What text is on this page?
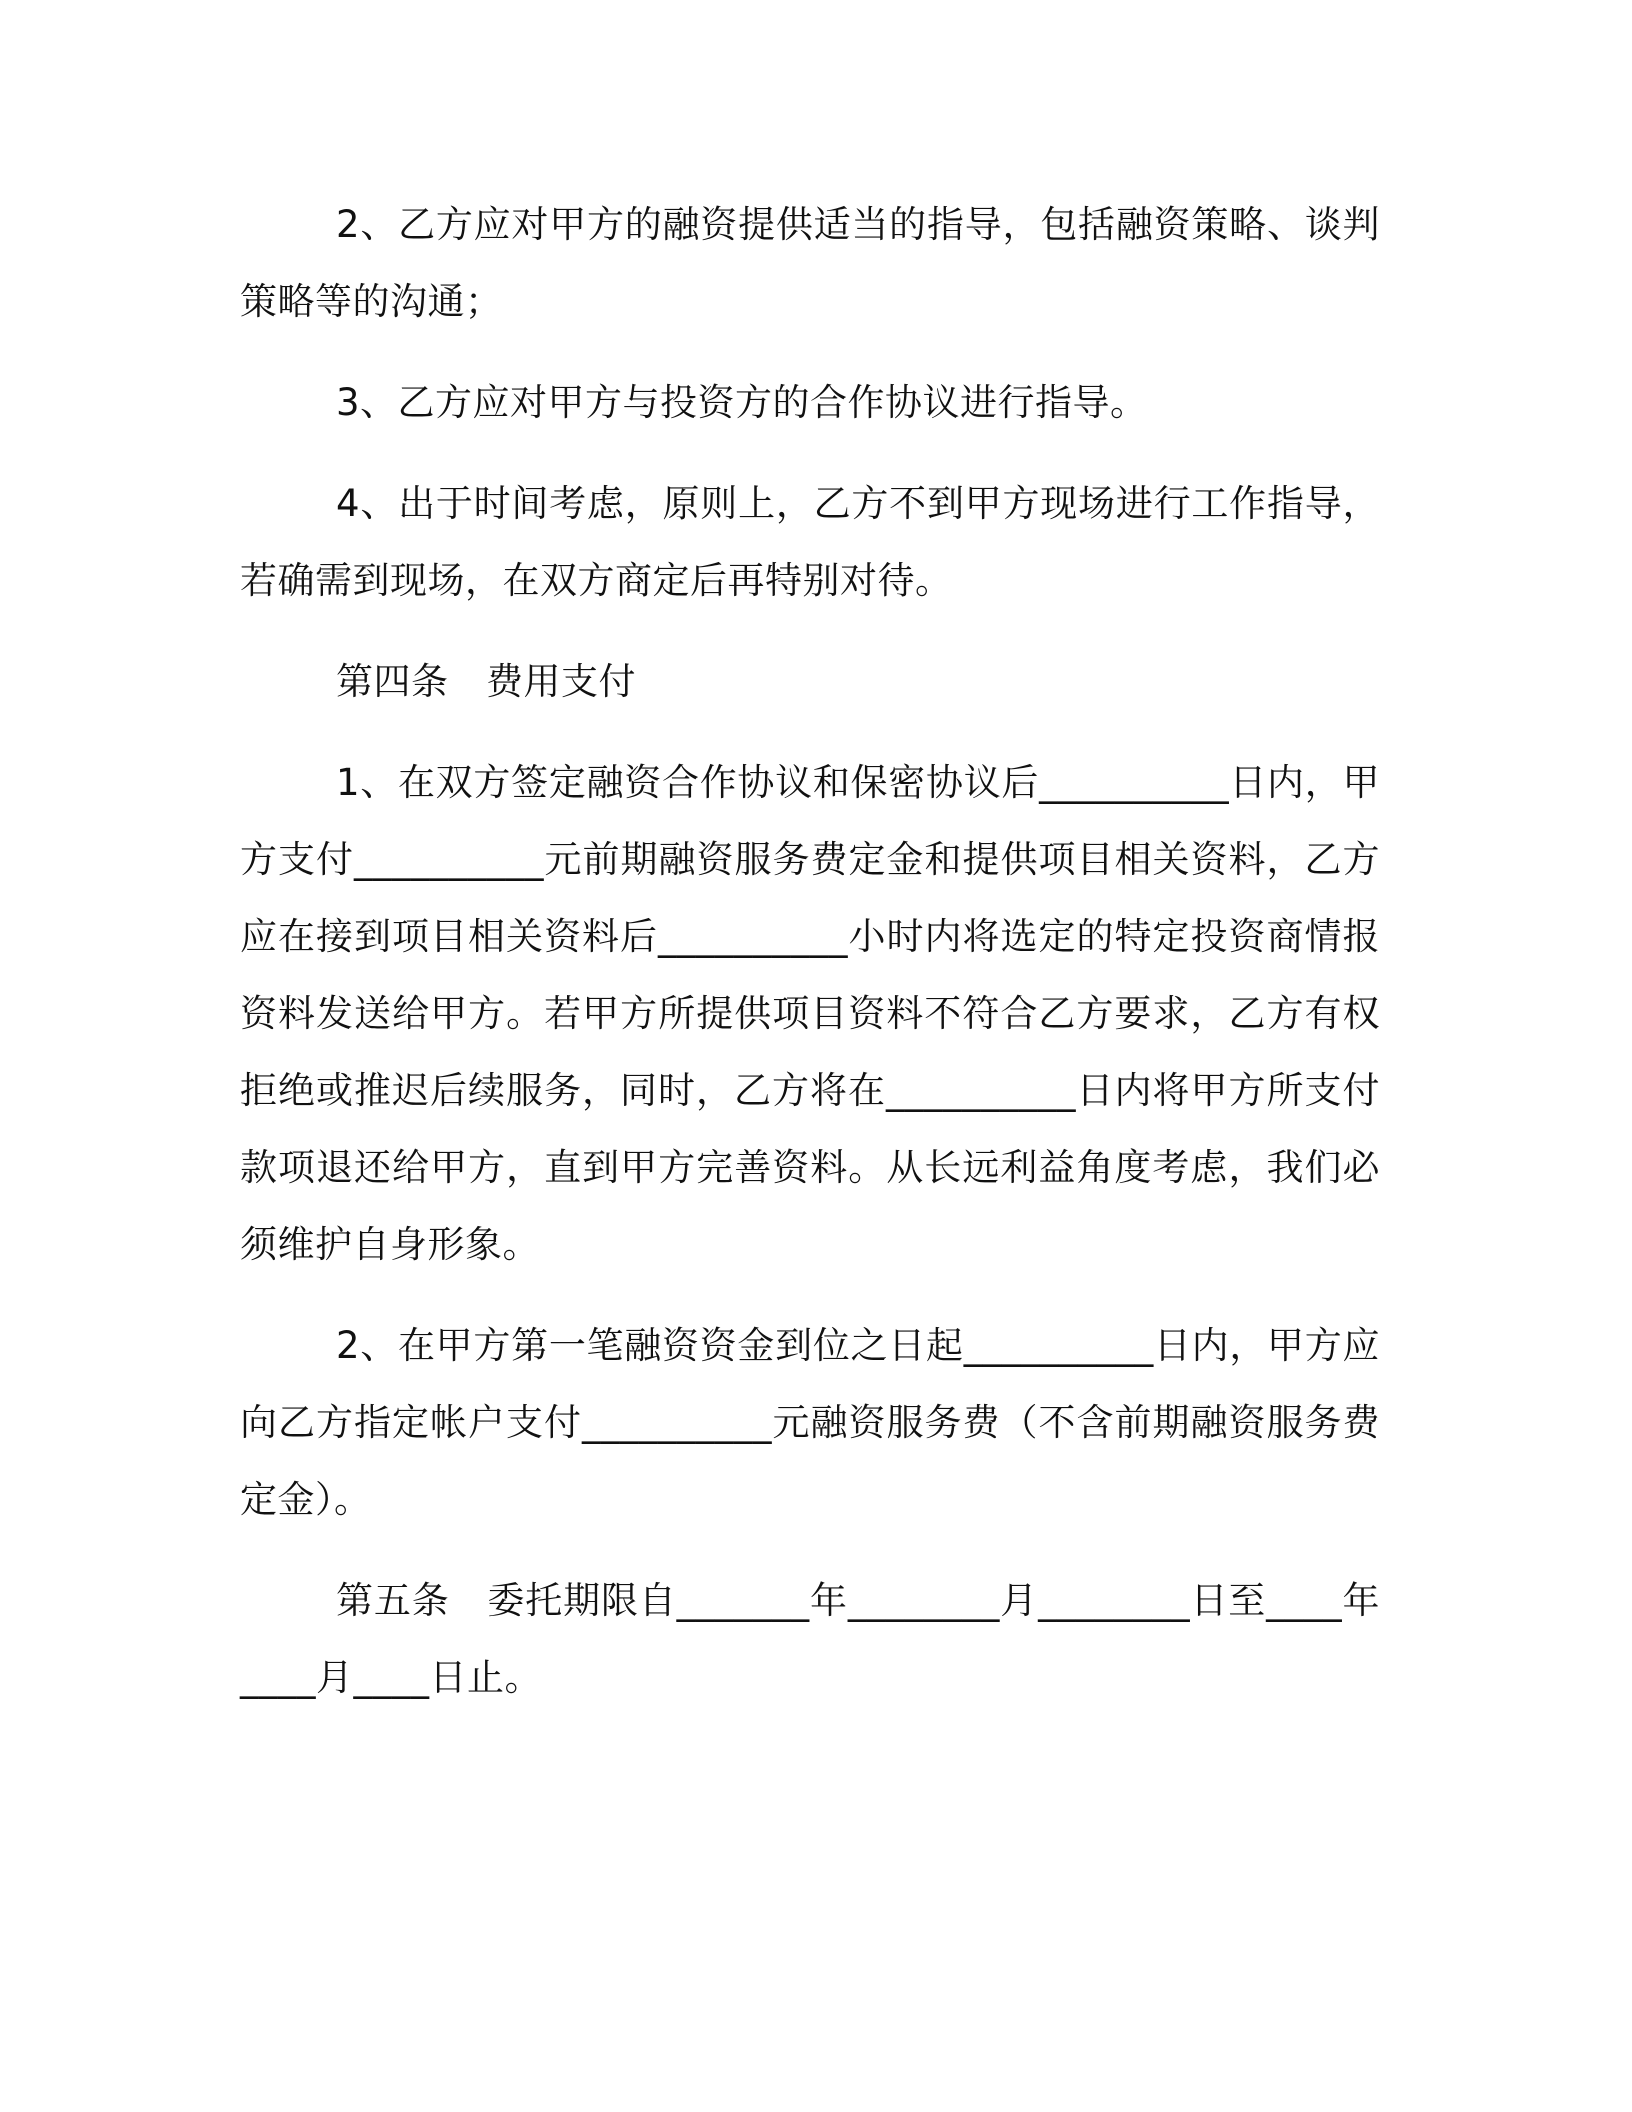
2、乙方应对甲方的融资提供适当的指导，包括融资策略、谈判策略等的沟通；

3、乙方应对甲方与投资方的合作协议进行指导。

4、出于时间考虑，原则上，乙方不到甲方现场进行工作指导，若确需到现场，在双方商定后再特别对待。

第四条　费用支付

1、在双方签定融资合作协议和保密协议后__________日内，甲方支付__________元前期融资服务费定金和提供项目相关资料，乙方应在接到项目相关资料后__________小时内将选定的特定投资商情报资料发送给甲方。若甲方所提供项目资料不符合乙方要求，乙方有权拒绝或推迟后续服务，同时，乙方将在__________日内将甲方所支付款项退还给甲方，直到甲方完善资料。从长远利益角度考虑，我们必须维护自身形象。

2、在甲方第一笔融资资金到位之日起__________日内，甲方应向乙方指定帐户支付__________元融资服务费（不含前期融资服务费定金）。

第五条　委托期限自_______年________月________日至____年____月____日止。
